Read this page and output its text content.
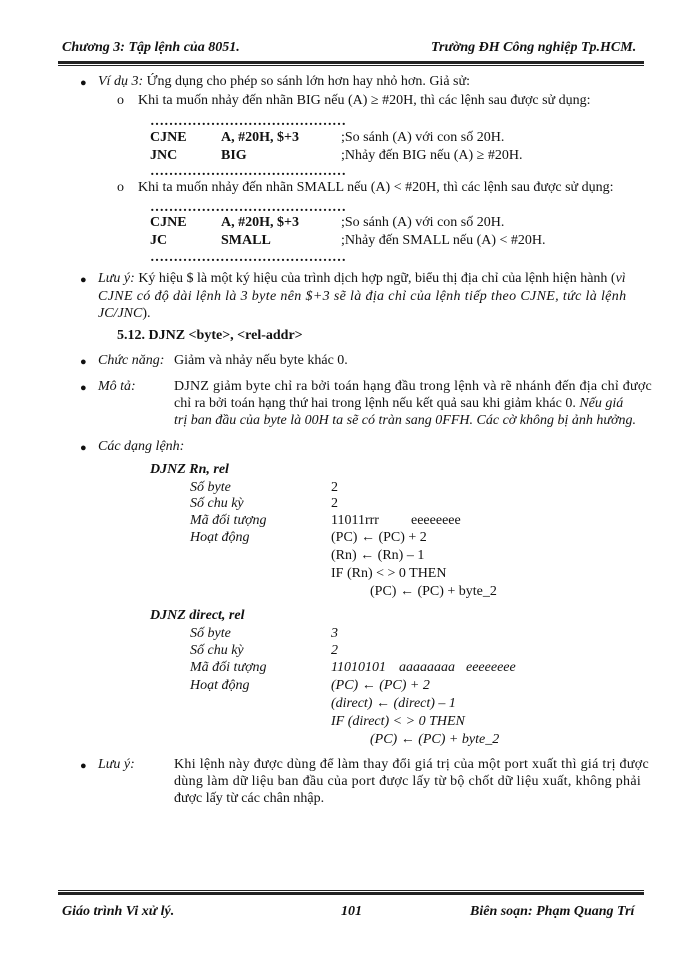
Chương 3: Tập lệnh của 8051.	Trường ĐH Công nghiệp Tp.HCM.
● Ví dụ 3: Ứng dụng cho phép so sánh lớn hơn hay nhỏ hơn. Giả sử:
o Khi ta muốn nhảy đến nhãn BIG nếu (A) ≥ #20H, thì các lệnh sau được sử dụng:
……………………………………
CJNE A, #20H, $+3	;So sánh (A) với con số 20H.
JNC	BIG	;Nhảy đến BIG nếu (A) ≥ #20H.
……………………………………
o Khi ta muốn nhảy đến nhãn SMALL nếu (A) < #20H, thì các lệnh sau được sử dụng:
……………………………………
CJNE A, #20H, $+3	;So sánh (A) với con số 20H.
JC	SMALL	;Nhảy đến SMALL nếu (A) < #20H.
……………………………………
● Lưu ý: Ký hiệu $ là một ký hiệu của trình dịch hợp ngữ, biểu thị địa chỉ của lệnh hiện hành (vì
CJNE có độ dài lệnh là 3 byte nên $+3 sẽ là địa chỉ của lệnh tiếp theo CJNE, tức là lệnh
JC/JNC).
5.12. DJNZ <byte>, <rel-addr>
● Chức năng: Giảm và nhảy nếu byte khác 0.
● Mô tả:	DJNZ giảm byte chỉ ra bởi toán hạng đầu trong lệnh và rẽ nhánh đến địa chỉ được
chỉ ra bởi toán hạng thứ hai trong lệnh nếu kết quả sau khi giảm khác 0. Nếu giá
trị ban đầu của byte là 00H ta sẽ có tràn sang 0FFH. Các cờ không bị ảnh hưởng.
● Các dạng lệnh:
DJNZ Rn, rel
Số byte	2
Số chu kỳ	2
Mã đối tượng	11011rrr eeeeeeee
Hoạt động	(PC) ← (PC) + 2
(Rn) ← (Rn) – 1
IF (Rn) < > 0 THEN
(PC) ← (PC) + byte_2
DJNZ direct, rel
Số byte	3
Số chu kỳ	2
Mã đối tượng	11010101 aaaaaaaa eeeeeeee
Hoạt động	(PC) ← (PC) + 2
(direct) ← (direct) – 1
IF (direct) < > 0 THEN
(PC) ← (PC) + byte_2
● Lưu ý:	Khi lệnh này được dùng để làm thay đổi giá trị của một port xuất thì giá trị được
dùng làm dữ liệu ban đầu của port được lấy từ bộ chốt dữ liệu xuất, không phải
được lấy từ các chân nhập.
Giáo trình Vi xử lý.	101	Biên soạn: Phạm Quang Trí
